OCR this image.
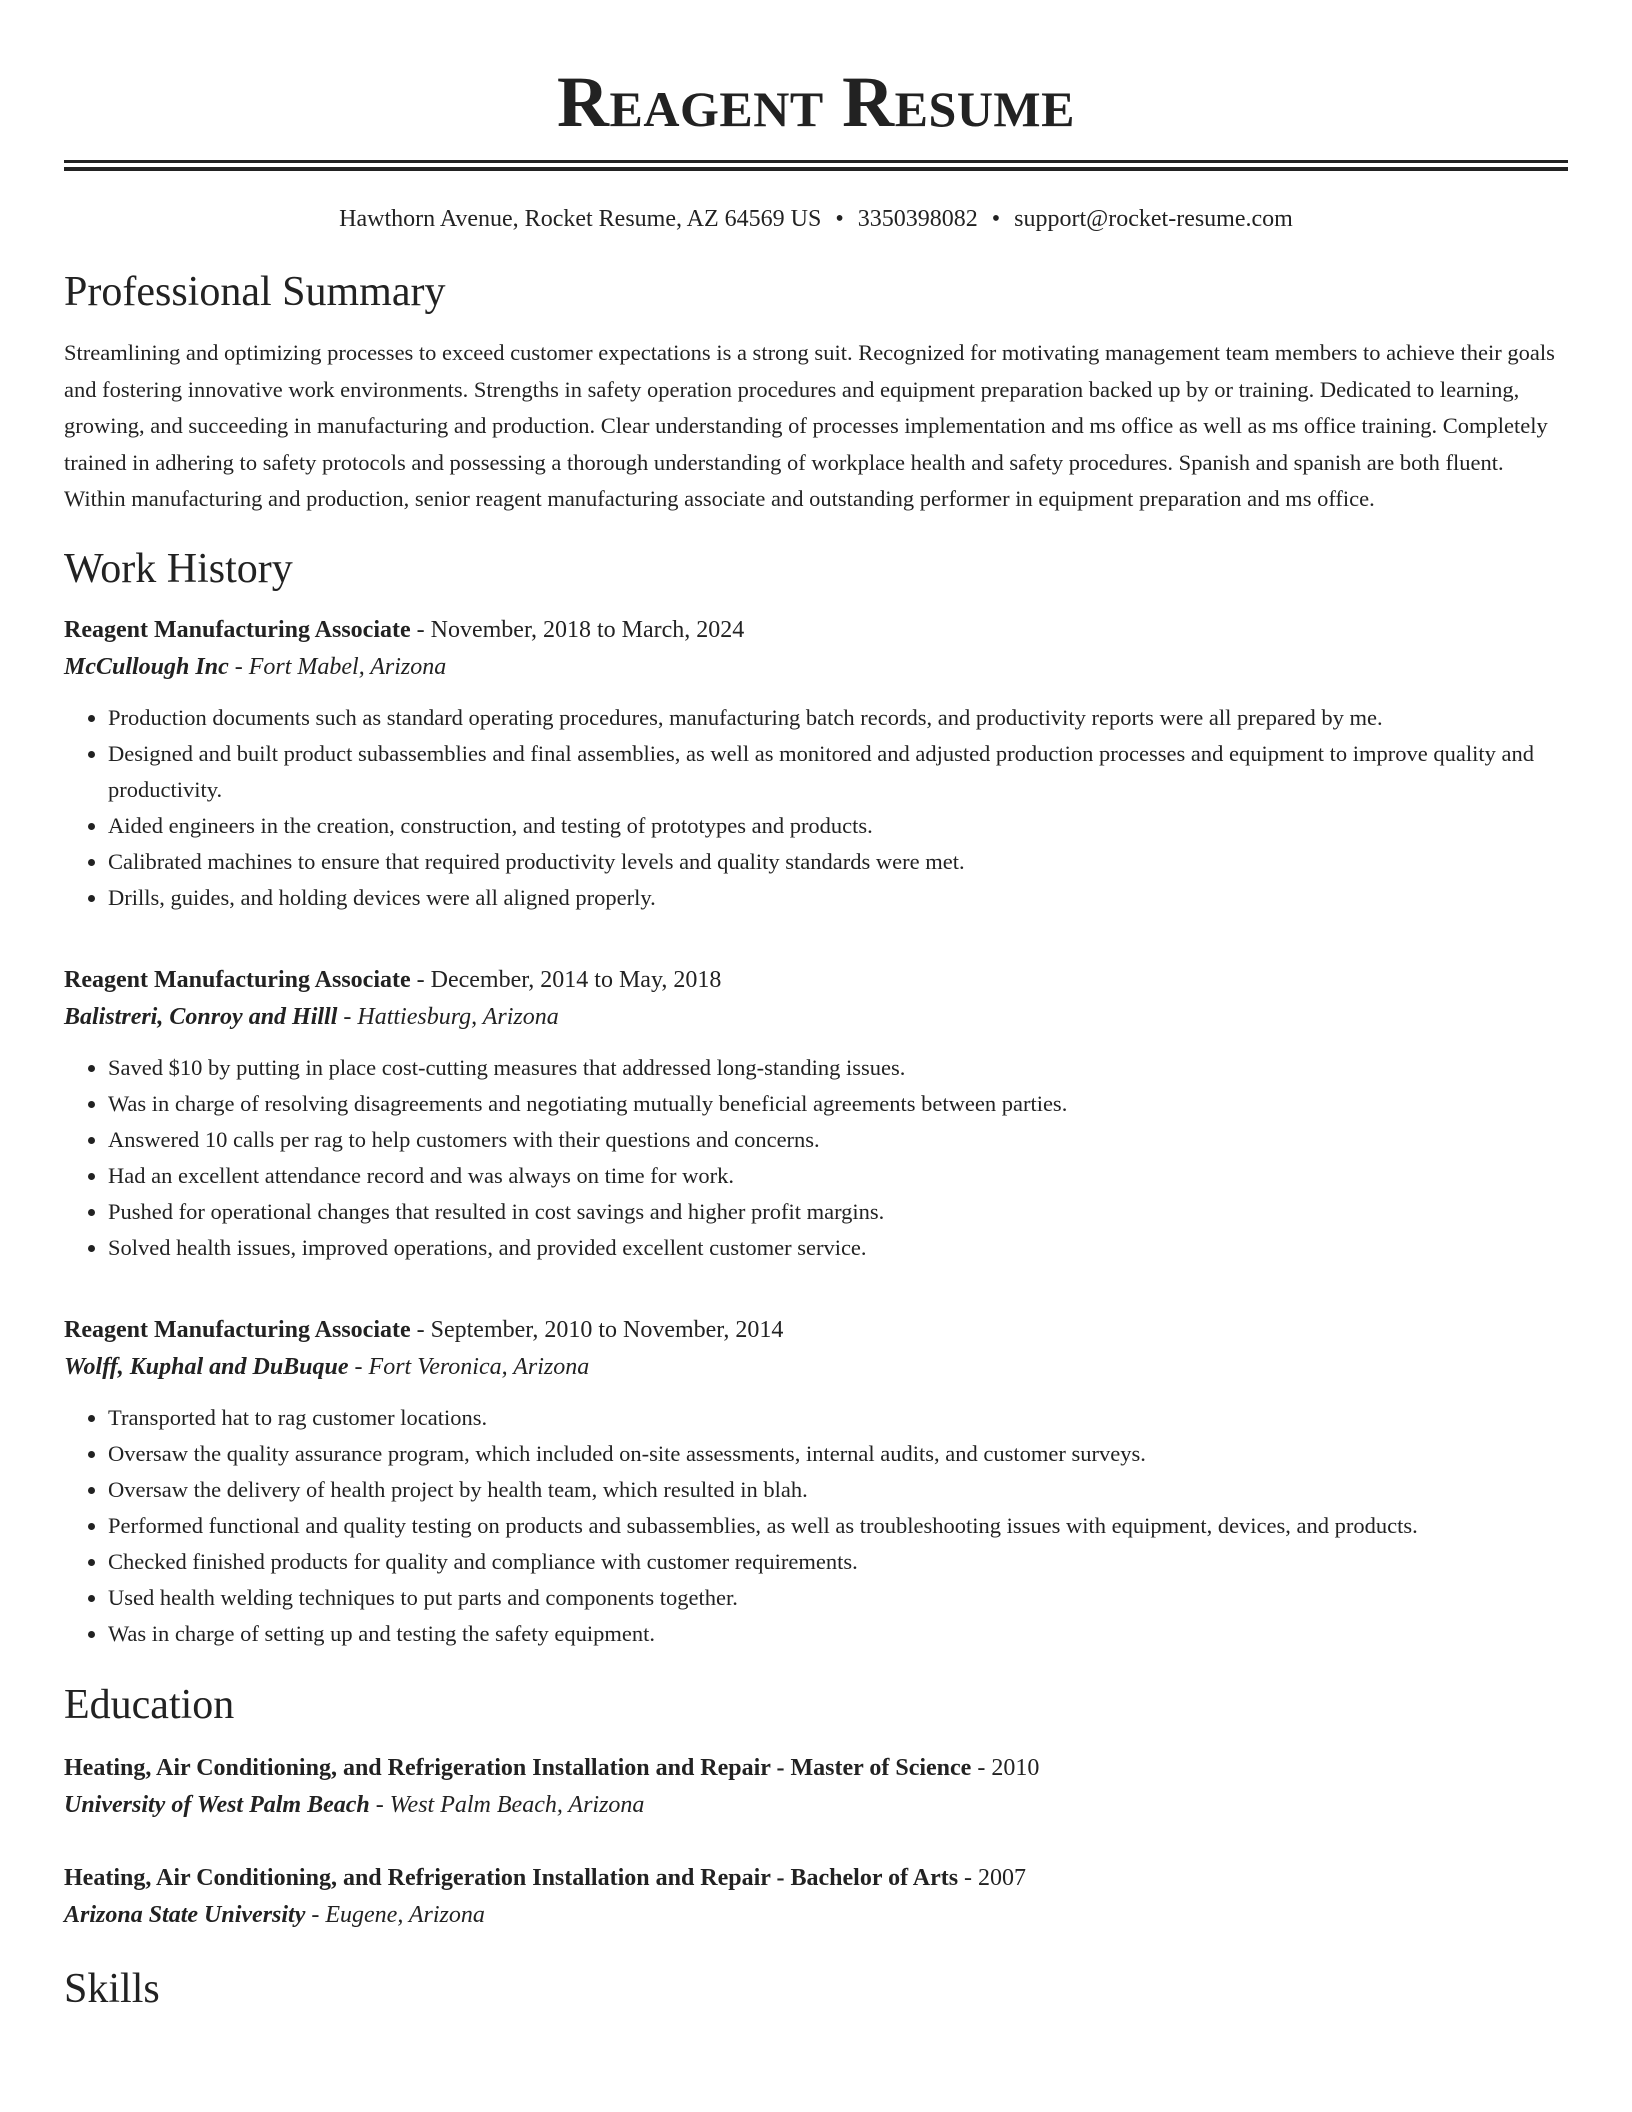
Reagent Resume
Hawthorn Avenue, Rocket Resume, AZ 64569 US • 3350398082 • support@rocket-resume.com
Professional Summary

Streamlining and optimizing processes to exceed customer expectations is a strong suit. Recognized for motivating management team members to achieve their goals and fostering innovative work environments. Strengths in safety operation procedures and equipment preparation backed up by or training. Dedicated to learning, growing, and succeeding in manufacturing and production. Clear understanding of processes implementation and ms office as well as ms office training. Completely trained in adhering to safety protocols and possessing a thorough understanding of workplace health and safety procedures. Spanish and spanish are both fluent. Within manufacturing and production, senior reagent manufacturing associate and outstanding performer in equipment preparation and ms office.

Work History

Reagent Manufacturing Associate - November, 2018 to March, 2024

McCullough Inc - Fort Mabel, Arizona

• Production documents such as standard operating procedures, manufacturing batch records, and productivity reports were all prepared by me.
• Designed and built product subassemblies and final assemblies, as well as monitored and adjusted production processes and equipment to improve quality and productivity.
• Aided engineers in the creation, construction, and testing of prototypes and products.
• Calibrated machines to ensure that required productivity levels and quality standards were met.
• Drills, guides, and holding devices were all aligned properly.

Reagent Manufacturing Associate - December, 2014 to May, 2018

Balistreri, Conroy and Hilll - Hattiesburg, Arizona

• Saved $10 by putting in place cost-cutting measures that addressed long-standing issues.
• Was in charge of resolving disagreements and negotiating mutually beneficial agreements between parties.
• Answered 10 calls per rag to help customers with their questions and concerns.
• Had an excellent attendance record and was always on time for work.
• Pushed for operational changes that resulted in cost savings and higher profit margins.
• Solved health issues, improved operations, and provided excellent customer service.

Reagent Manufacturing Associate - September, 2010 to November, 2014

Wolff, Kuphal and DuBuque - Fort Veronica, Arizona

• Transported hat to rag customer locations.
• Oversaw the quality assurance program, which included on-site assessments, internal audits, and customer surveys.
• Oversaw the delivery of health project by health team, which resulted in blah.
• Performed functional and quality testing on products and subassemblies, as well as troubleshooting issues with equipment, devices, and products.
• Checked finished products for quality and compliance with customer requirements.
• Used health welding techniques to put parts and components together.
• Was in charge of setting up and testing the safety equipment.
Education

Heating, Air Conditioning, and Refrigeration Installation and Repair - Master of Science - 2010

University of West Palm Beach - West Palm Beach, Arizona

Heating, Air Conditioning, and Refrigeration Installation and Repair - Bachelor of Arts - 2007

Arizona State University - Eugene, Arizona

Skills
